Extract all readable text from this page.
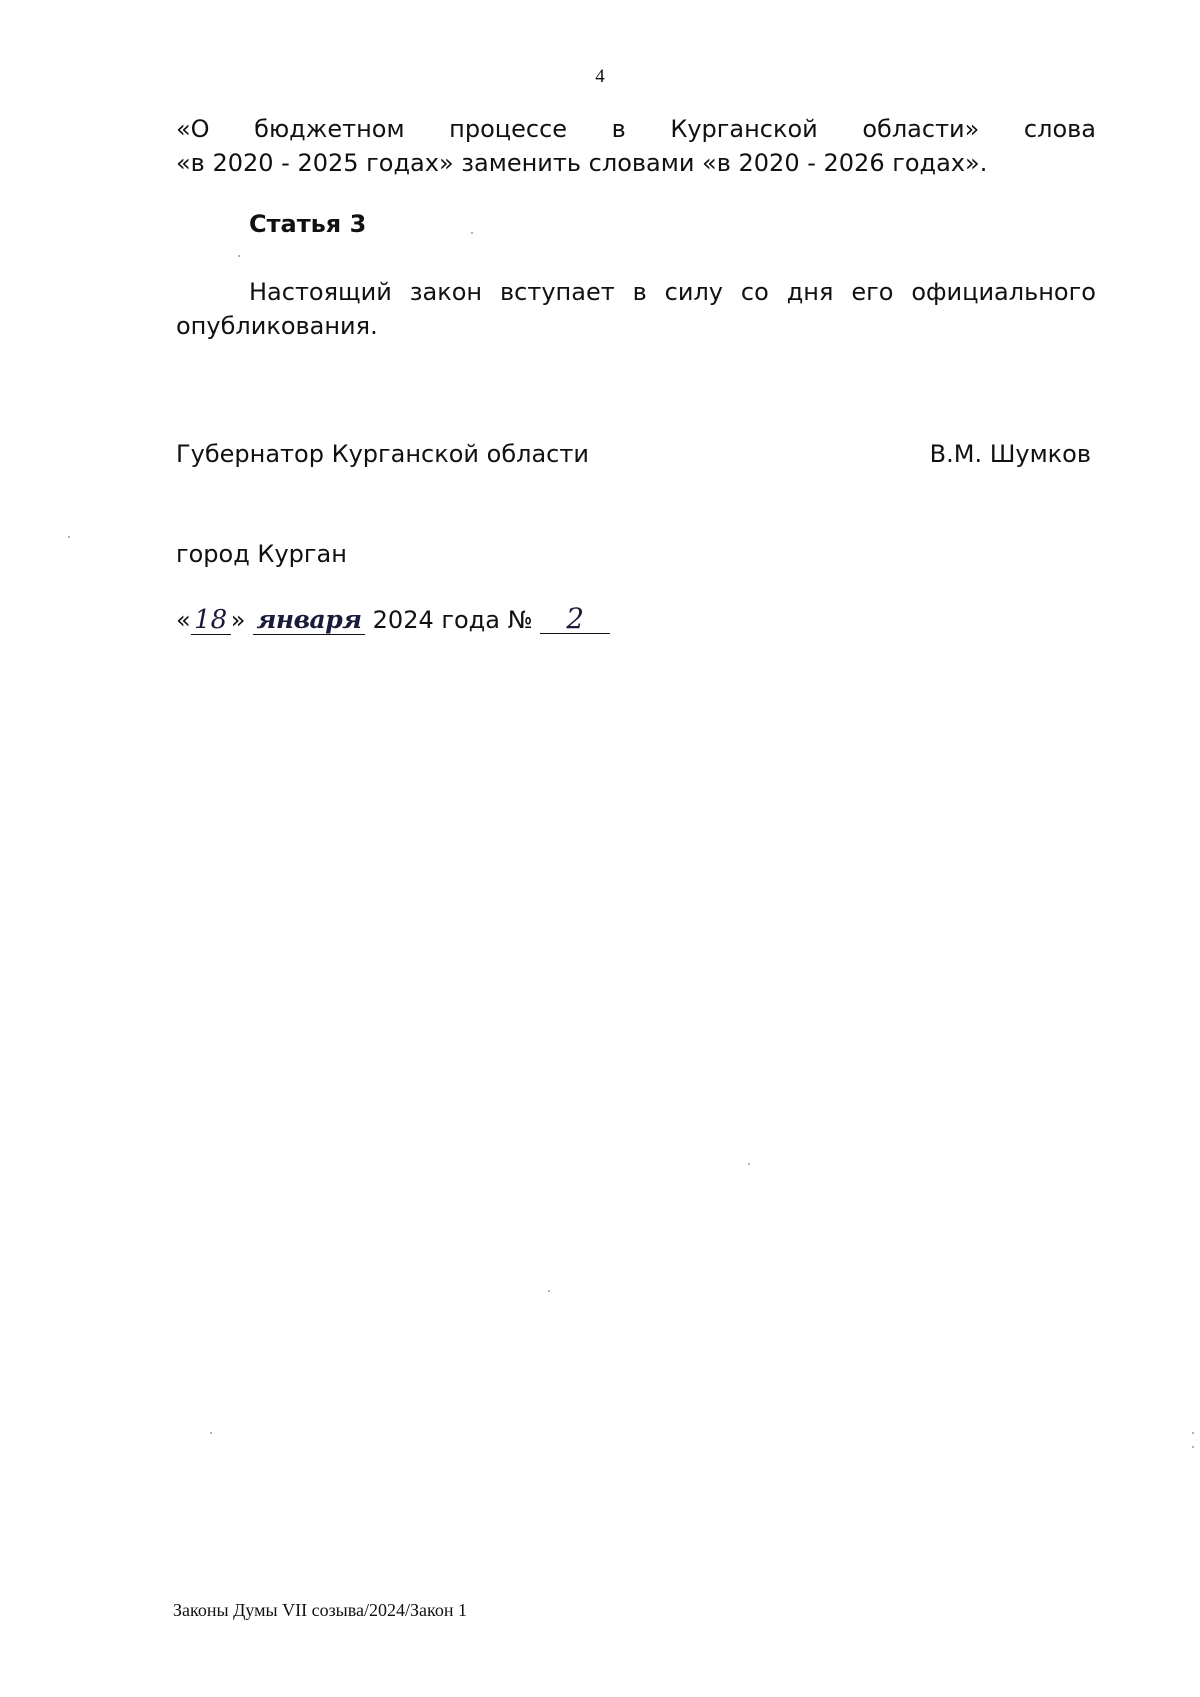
4
«О бюджетном процессе в Курганской области» слова
«в 2020 - 2025 годах» заменить словами «в 2020 - 2026 годах».
Статья 3
Настоящий закон вступает в силу со дня его официального
опубликования.
Губернатор Курганской области	В.М. Шумков
город Курган
« 18 » января 2024 года № 2
Законы Думы VII созыва/2024/Закон 1
